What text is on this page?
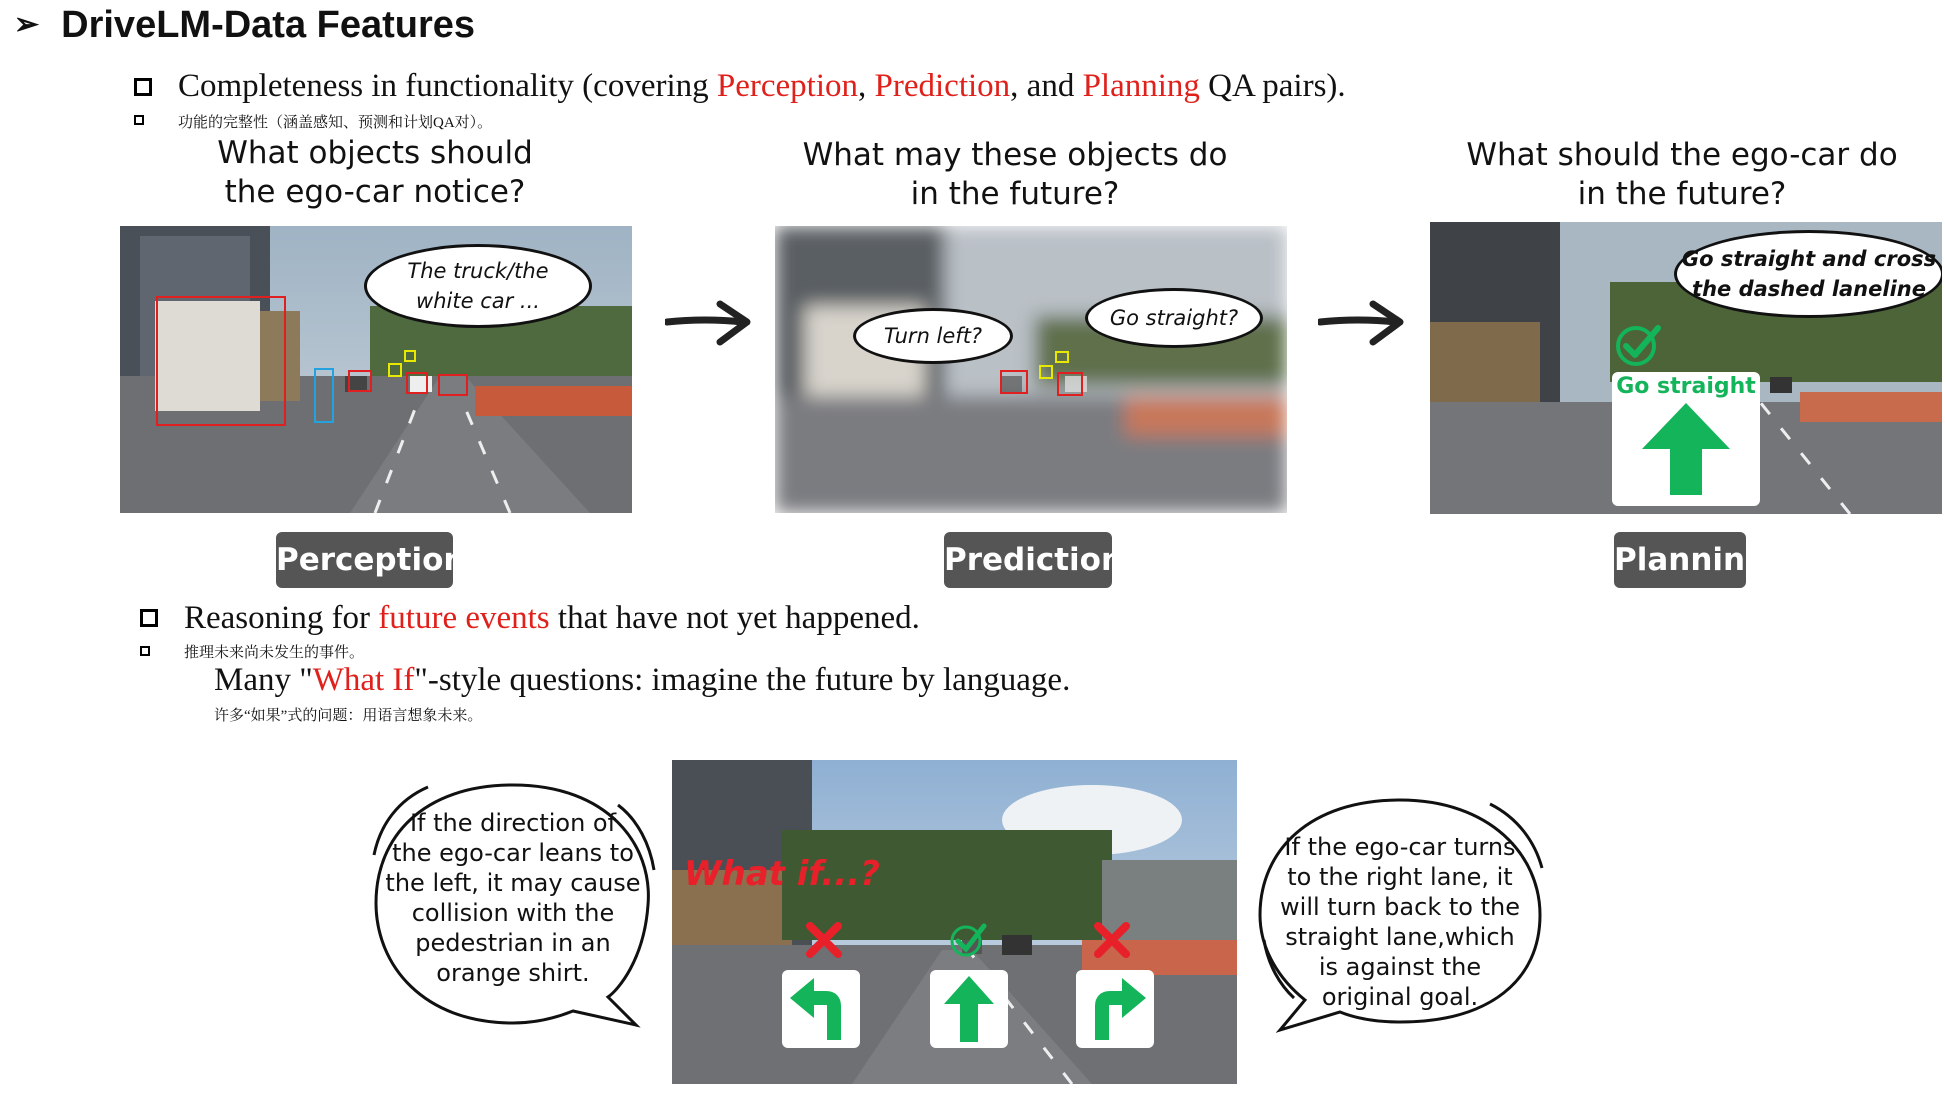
➢ DriveLM-Data Features
Completeness in functionality (covering Perception, Prediction, and Planning QA pairs).
功能的完整性（涵盖感知、预测和计划QA对）。
What objects should
the ego-car notice?
The truck/the
white car ...
Perception
What may these objects do
in the future?
Turn left?
Go straight?
Prediction
What should the ego-car do
in the future?
Go straight and cross
the dashed laneline
Go straight
Planning
Reasoning for future events that have not yet happened.
推理未来尚未发生的事件。
Many "What If"-style questions: imagine the future by language.
许多“如果”式的问题：用语言想象未来。
If the direction of
the ego-car leans to
the left, it may cause
collision with the
pedestrian in an
orange shirt.
What if...?
If the ego-car turns
to the right lane, it
will turn back to the
straight lane,which
is against the
original goal.
